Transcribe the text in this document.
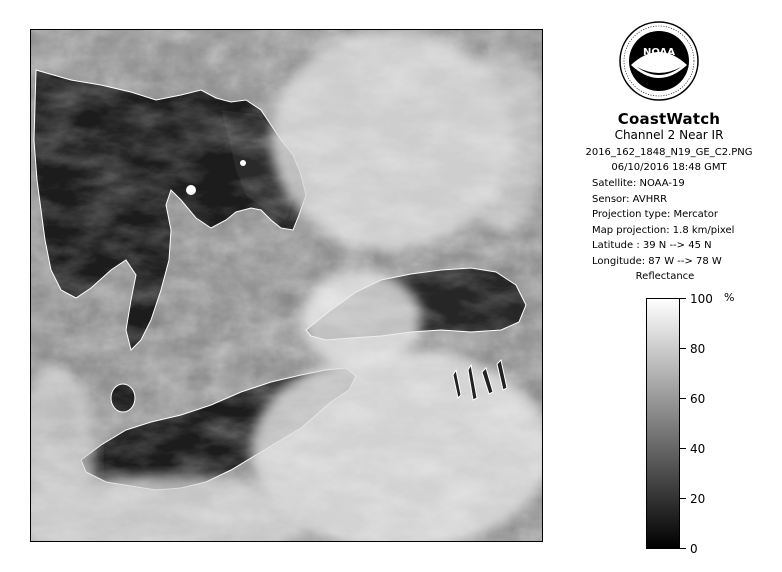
NOAA
CoastWatch
Channel 2 Near IR
2016_162_1848_N19_GE_C2.PNG
06/10/2016 18:48 GMT
Satellite: NOAA-19
Sensor: AVHRR
Projection type: Mercator
Map projection: 1.8 km/pixel
Latitude : 39 N --> 45 N
Longitude: 87 W --> 78 W
Reflectance
%
100
80
60
40
20
0
